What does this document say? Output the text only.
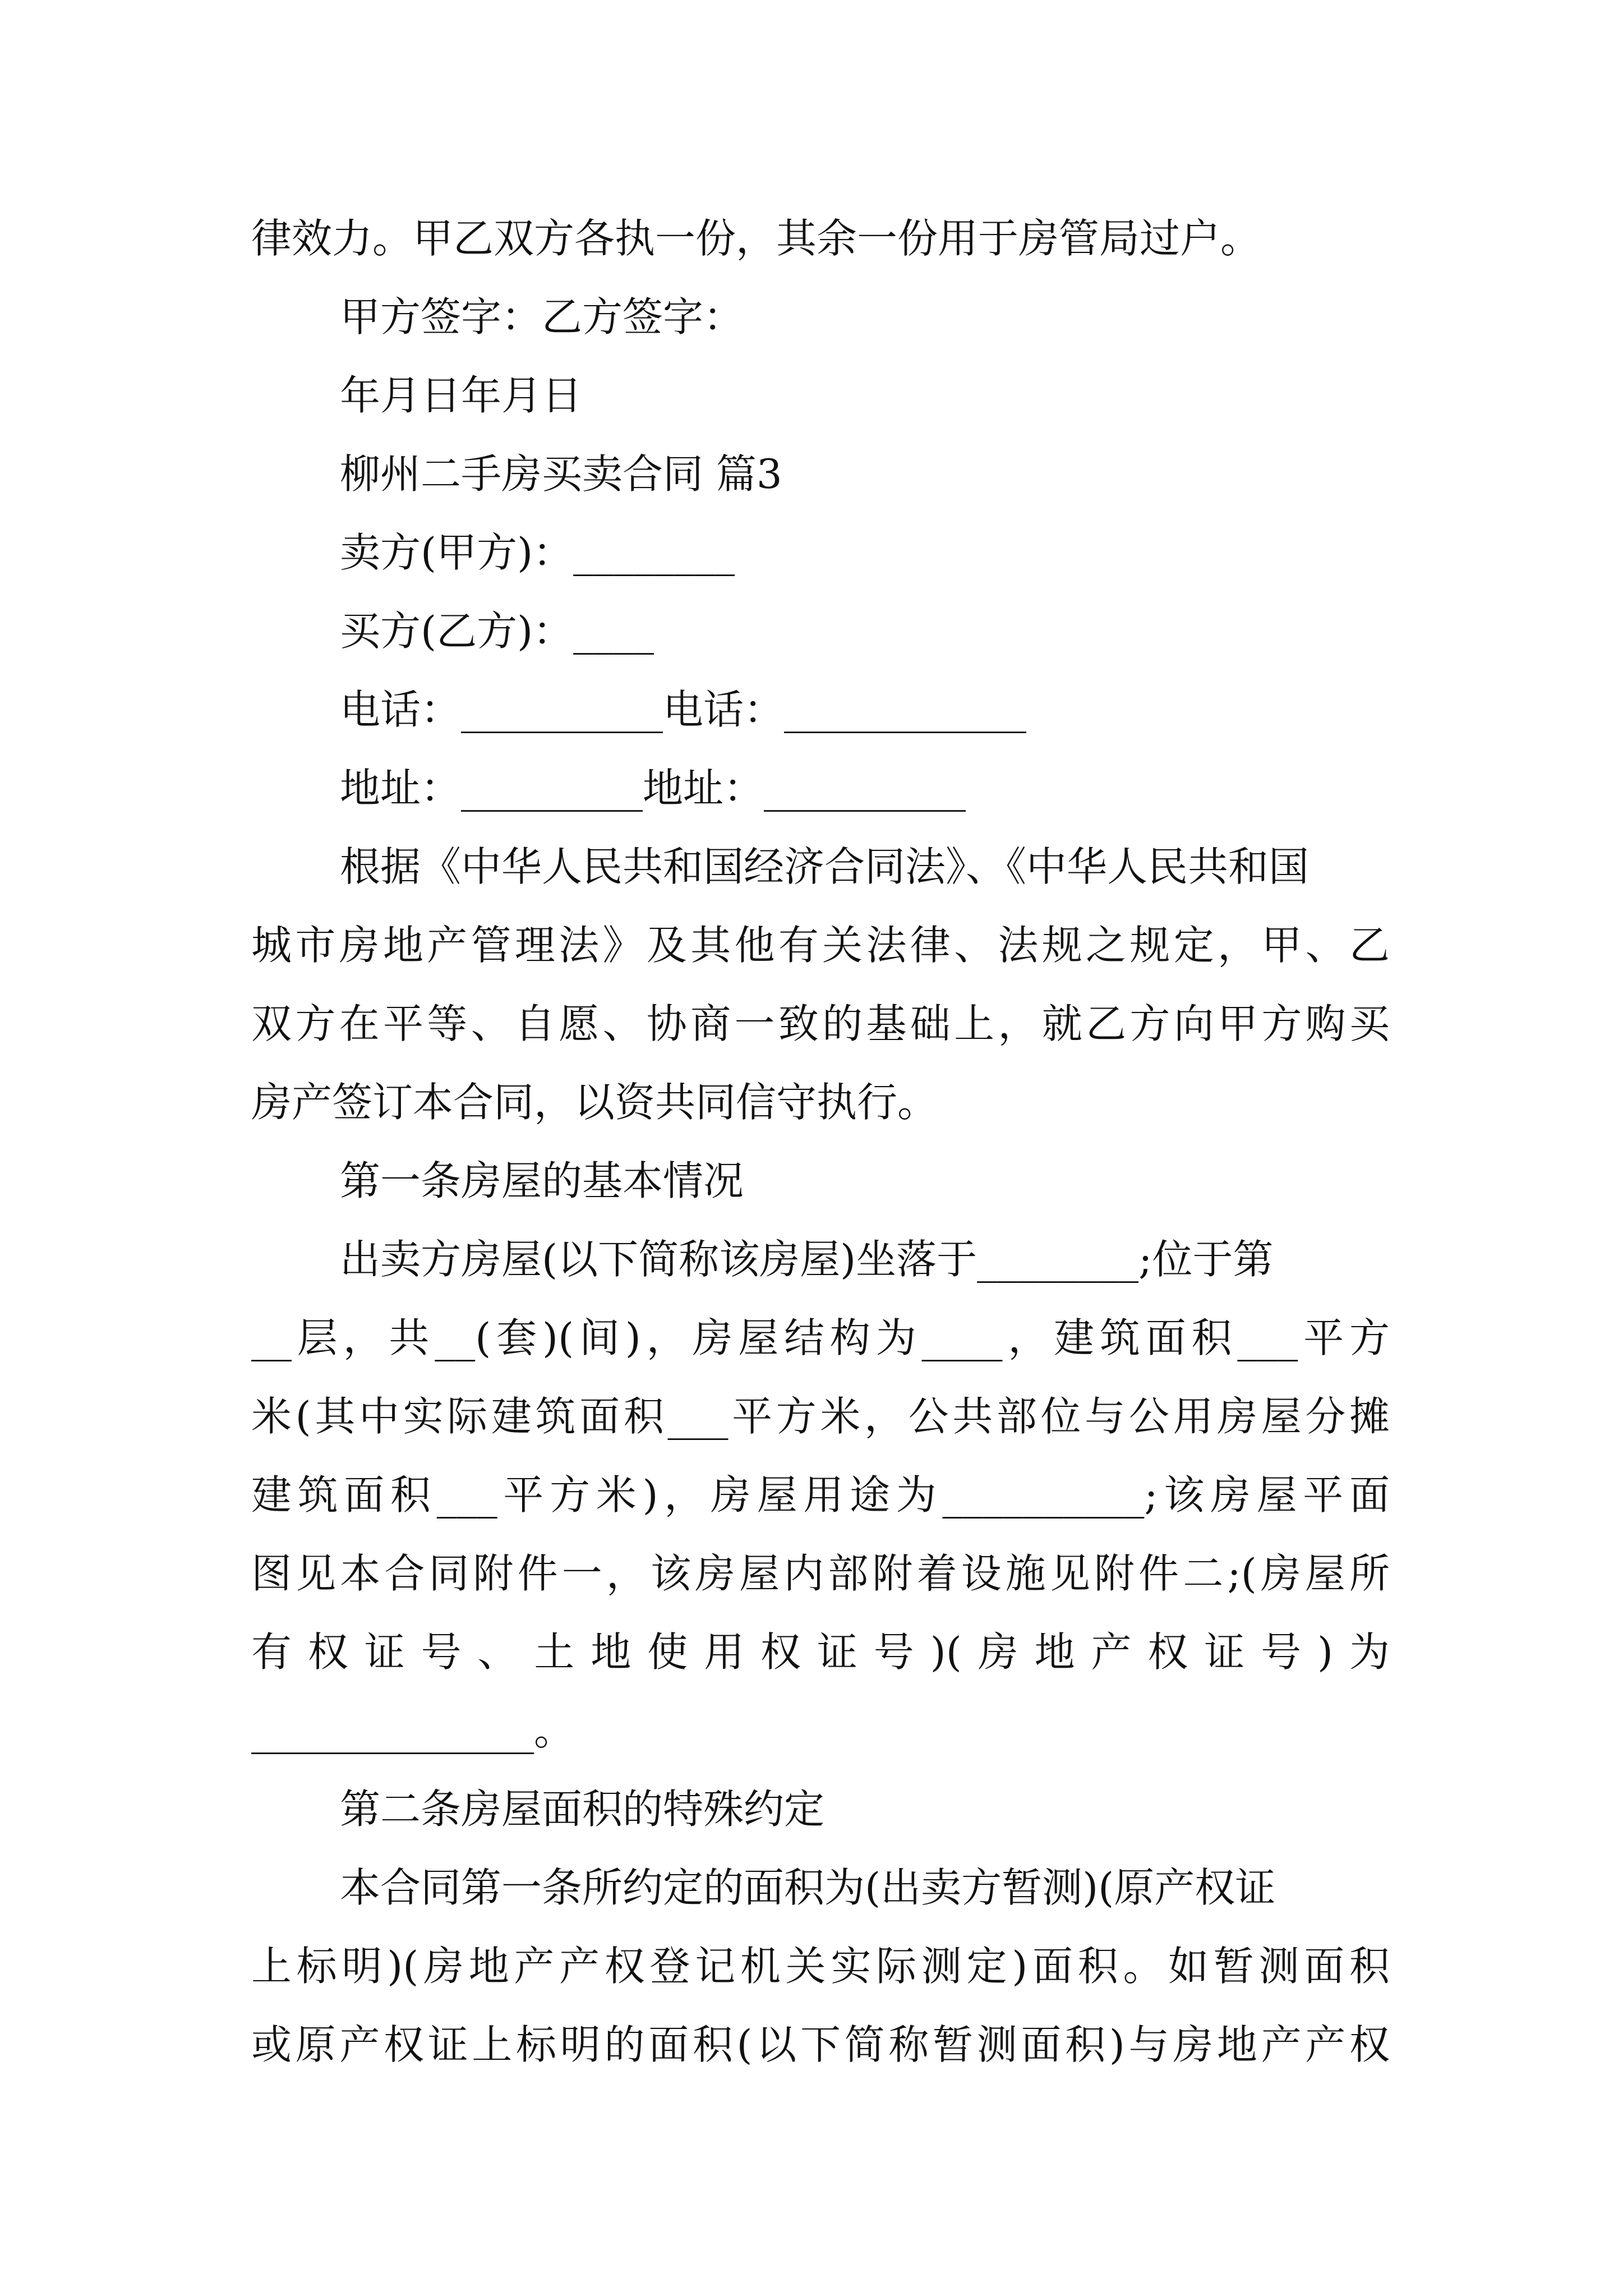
律效力。甲乙双方各执一份，其余一份用于房管局过户。
甲方签字：乙方签字：
年月日年月日
柳州二手房买卖合同 篇3
卖方(甲方)：________
买方(乙方)：____
电话：__________电话：____________
地址：_________地址：__________
根据《中华人民共和国经济合同法》、《中华人民共和国
城市房地产管理法》及其他有关法律、法规之规定，甲、乙
双方在平等、自愿、协商一致的基础上，就乙方向甲方购买
房产签订本合同，以资共同信守执行。
第一条房屋的基本情况
出卖方房屋(以下简称该房屋)坐落于________;位于第
__层，共__(套)(间)，房屋结构为____，建筑面积___平方
米(其中实际建筑面积___平方米，公共部位与公用房屋分摊
建筑面积___平方米)，房屋用途为__________;该房屋平面
图见本合同附件一，该房屋内部附着设施见附件二;(房屋所
有权证号、土地使用权证号)(房地产权证号)为
______________。
第二条房屋面积的特殊约定
本合同第一条所约定的面积为(出卖方暂测)(原产权证
上标明)(房地产产权登记机关实际测定)面积。如暂测面积
或原产权证上标明的面积(以下简称暂测面积)与房地产产权
